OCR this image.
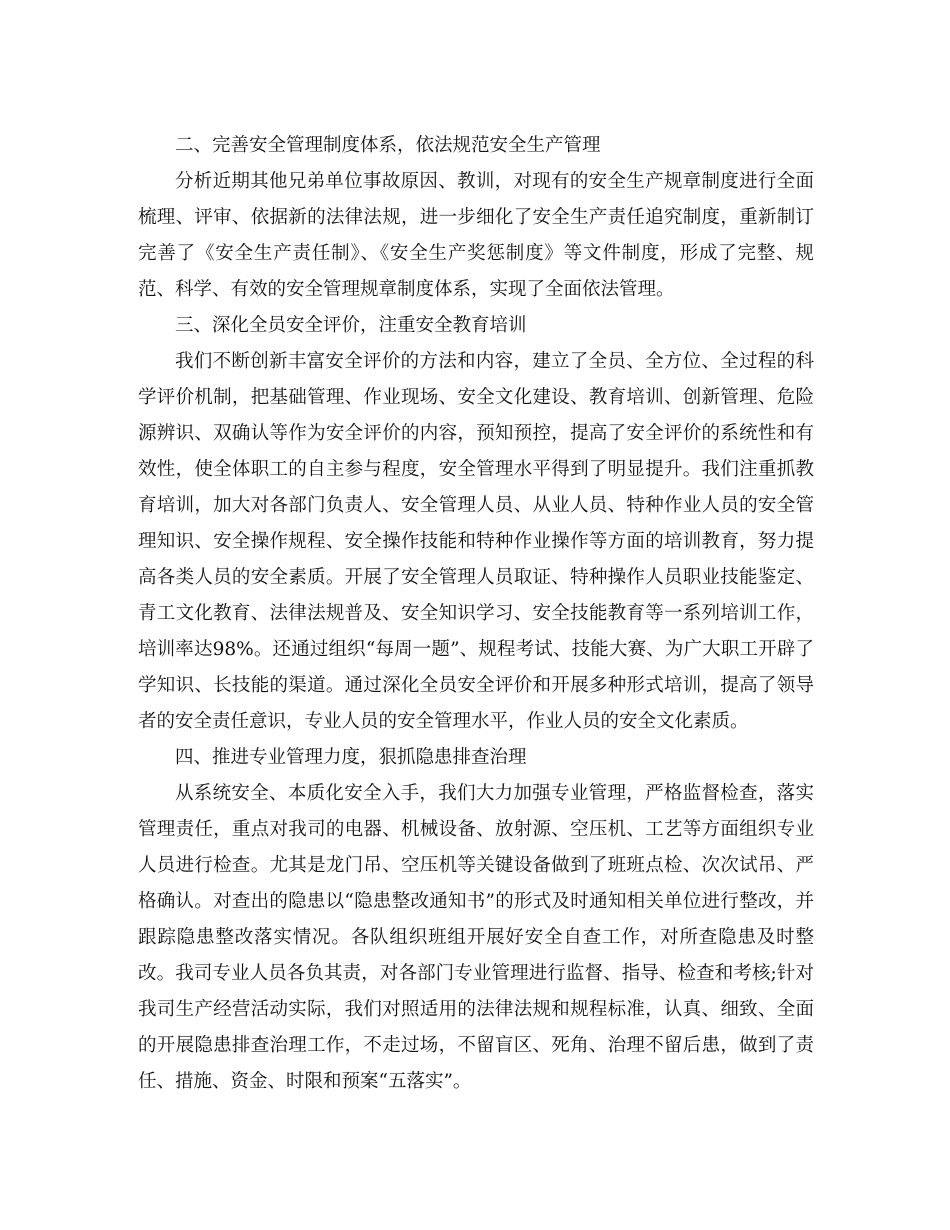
二、完善安全管理制度体系，依法规范安全生产管理

分析近期其他兄弟单位事故原因、教训，对现有的安全生产规章制度进行全面梳理、评审、依据新的法律法规，进一步细化了安全生产责任追究制度，重新制订完善了《安全生产责任制》、《安全生产奖惩制度》等文件制度，形成了完整、规范、科学、有效的安全管理规章制度体系，实现了全面依法管理。

三、深化全员安全评价，注重安全教育培训

我们不断创新丰富安全评价的方法和内容，建立了全员、全方位、全过程的科学评价机制，把基础管理、作业现场、安全文化建设、教育培训、创新管理、危险源辨识、双确认等作为安全评价的内容，预知预控，提高了安全评价的系统性和有效性，使全体职工的自主参与程度，安全管理水平得到了明显提升。我们注重抓教育培训，加大对各部门负责人、安全管理人员、从业人员、特种作业人员的安全管理知识、安全操作规程、安全操作技能和特种作业操作等方面的培训教育，努力提高各类人员的安全素质。开展了安全管理人员取证、特种操作人员职业技能鉴定、青工文化教育、法律法规普及、安全知识学习、安全技能教育等一系列培训工作，培训率达98%。还通过组织“每周一题”、规程考试、技能大赛、为广大职工开辟了学知识、长技能的渠道。通过深化全员安全评价和开展多种形式培训，提高了领导者的安全责任意识，专业人员的安全管理水平，作业人员的安全文化素质。

四、推进专业管理力度，狠抓隐患排查治理

从系统安全、本质化安全入手，我们大力加强专业管理，严格监督检查，落实管理责任，重点对我司的电器、机械设备、放射源、空压机、工艺等方面组织专业人员进行检查。尤其是龙门吊、空压机等关键设备做到了班班点检、次次试吊、严格确认。对查出的隐患以“隐患整改通知书”的形式及时通知相关单位进行整改，并跟踪隐患整改落实情况。各队组织班组开展好安全自查工作，对所查隐患及时整改。我司专业人员各负其责，对各部门专业管理进行监督、指导、检查和考核;针对我司生产经营活动实际，我们对照适用的法律法规和规程标准，认真、细致、全面的开展隐患排查治理工作，不走过场，不留盲区、死角、治理不留后患，做到了责任、措施、资金、时限和预案“五落实”。
